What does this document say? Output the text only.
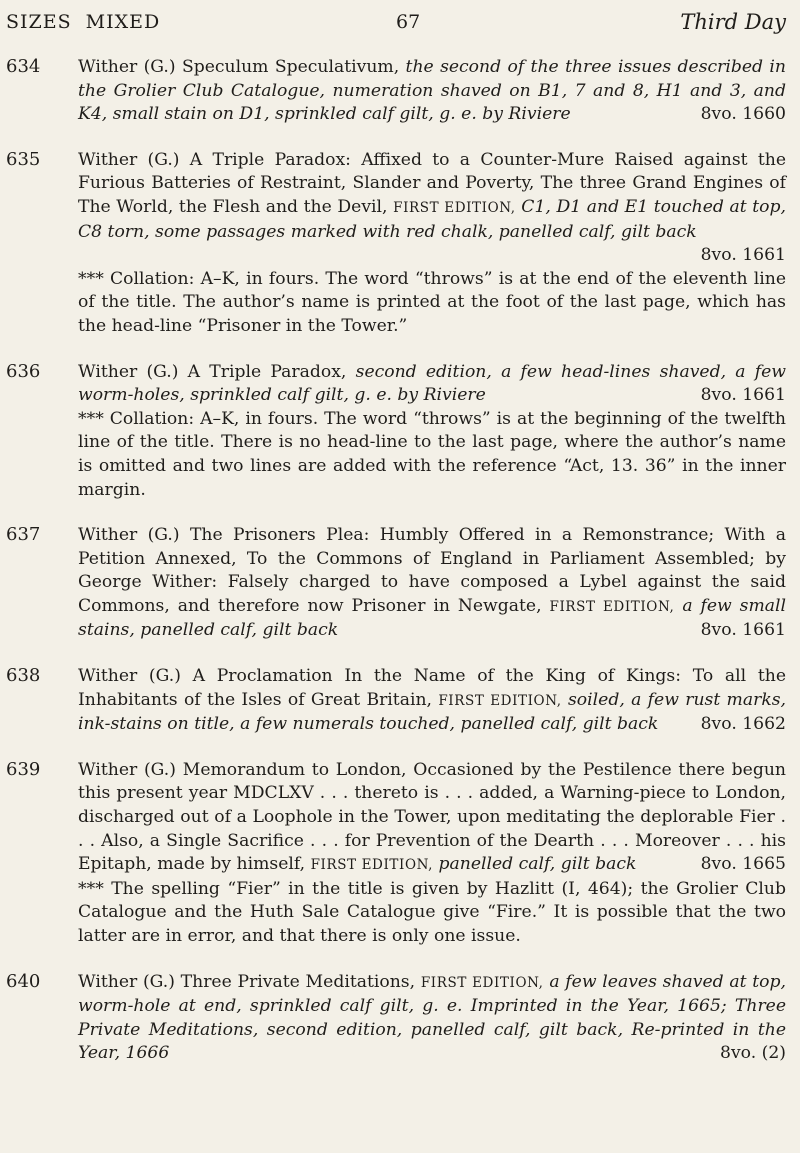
SIZES MIXED	67	Third Day
634 Wither (G.) Speculum Speculativum, the second of the three issues described in the Grolier Club Catalogue, numeration shaved on B1, 7 and 8, H1 and 3, and K4, small stain on D1, sprinkled calf gilt, g. e. by Riviere	8vo. 1660
635 Wither (G.) A Triple Paradox: Affixed to a Counter-Mure Raised against the Furious Batteries of Restraint, Slander and Poverty, The three Grand Engines of The World, the Flesh and the Devil, FIRST EDITION, C1, D1 and E1 touched at top, C8 torn, some passages marked with red chalk, panelled calf, gilt back
8vo. 1661
*** Collation: A–K, in fours. The word “throws” is at the end of the eleventh line of the title. The author’s name is printed at the foot of the last page, which has the head-line “Prisoner in the Tower.”
636 Wither (G.) A Triple Paradox, second edition, a few head-lines shaved, a few worm-holes, sprinkled calf gilt, g. e. by Riviere	8vo. 1661
*** Collation: A–K, in fours. The word “throws” is at the beginning of the twelfth line of the title. There is no head-line to the last page, where the author’s name is omitted and two lines are added with the reference “Act, 13. 36” in the inner margin.
637 Wither (G.) The Prisoners Plea: Humbly Offered in a Remonstrance; With a Petition Annexed, To the Commons of England in Parliament Assembled; by George Wither: Falsely charged to have composed a Lybel against the said Commons, and therefore now Prisoner in Newgate, FIRST EDITION, a few small stains, panelled calf, gilt back	8vo. 1661
638 Wither (G.) A Proclamation In the Name of the King of Kings: To all the Inhabitants of the Isles of Great Britain, FIRST EDITION, soiled, a few rust marks, ink-stains on title, a few numerals touched, panelled calf, gilt back 8vo. 1662
639 Wither (G.) Memorandum to London, Occasioned by the Pestilence there begun this present year MDCLXV . . . thereto is . . . added, a Warning-piece to London, discharged out of a Loophole in the Tower, upon meditating the deplorable Fier . . . Also, a Single Sacrifice . . . for Prevention of the Dearth . . . Moreover . . . his Epitaph, made by himself, FIRST EDITION, panelled calf, gilt back	8vo. 1665
*** The spelling “Fier” in the title is given by Hazlitt (I, 464); the Grolier Club Catalogue and the Huth Sale Catalogue give “Fire.” It is possible that the two latter are in error, and that there is only one issue.
640 Wither (G.) Three Private Meditations, FIRST EDITION, a few leaves shaved at top, worm-hole at end, sprinkled calf gilt, g. e. Imprinted in the Year, 1665; Three Private Meditations, second edition, panelled calf, gilt back, Re-printed in the Year, 1666	8vo. (2)
